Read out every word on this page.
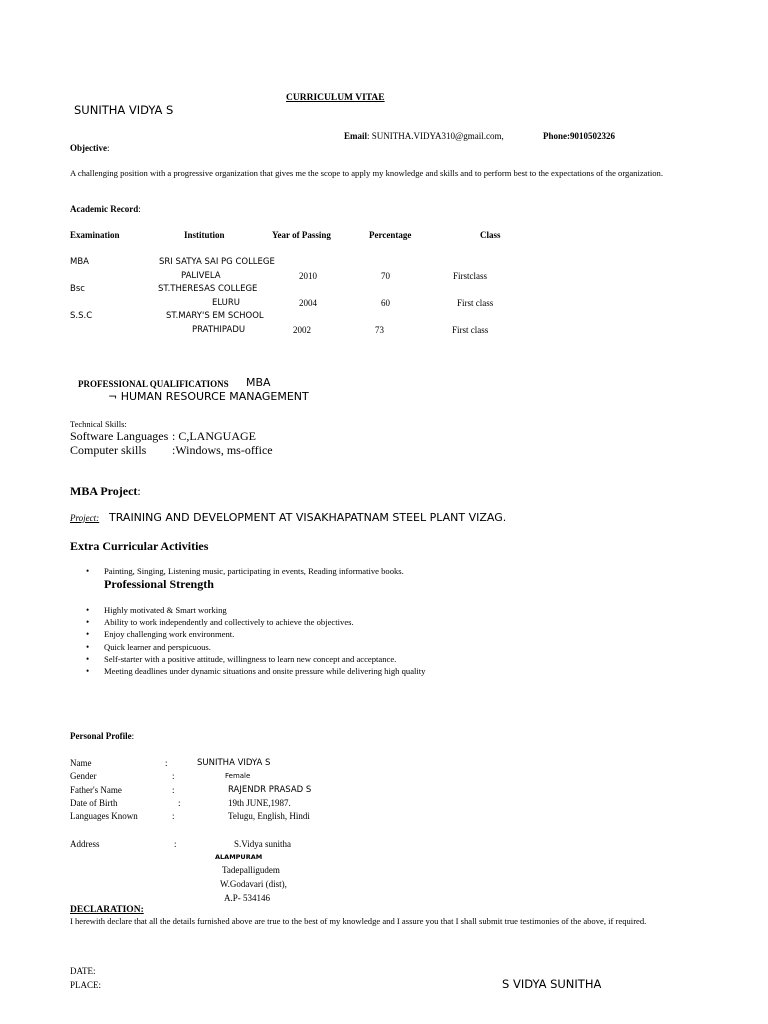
CURRICULUM VITAE
SUNITHA VIDYA S
Email: SUNITHA.VIDYA310@gmail.com,	Phone:9010502326
Objective:
A challenging position with a progressive organization that gives me the scope to apply my knowledge and skills and to perform best to the expectations of the organization.
Academic Record:
Examination	Institution	Year of Passing	Percentage	Class
MBA	SRI SATYA SAI PG COLLEGE
PALIVELA	2010	70	Firstclass
Bsc	ST.THERESAS COLLEGE
ELURU	2004	60	First class
S.S.C	ST.MARY'S EM SCHOOL
PRATHIPADU	2002	73	First class
PROFESSIONAL QUALIFICATIONS MBA
¬ HUMAN RESOURCE MANAGEMENT
Technical Skills:
Software Languages : C,LANGUAGE
Computer skills :Windows, ms-office
MBA Project:
Project: TRAINING AND DEVELOPMENT AT VISAKHAPATNAM STEEL PLANT VIZAG.
Extra Curricular Activities
• Painting, Singing, Listening music, participating in events, Reading informative books.
Professional Strength
• Highly motivated & Smart working
• Ability to work independently and collectively to achieve the objectives.
• Enjoy challenging work environment.
• Quick learner and perspicuous.
• Self-starter with a positive attitude, willingness to learn new concept and acceptance.
• Meeting deadlines under dynamic situations and onsite pressure while delivering high quality
Personal Profile:
Name	:	SUNITHA VIDYA S
Gender	:	Female
Father's Name	:	RAJENDR PRASAD S
Date of Birth	:	19th JUNE,1987.
Languages Known	:	Telugu, English, Hindi
Address	:	S.Vidya sunitha
ALAMPURAM
Tadepalligudem
W.Godavari (dist),
A.P- 534146
DECLARATION:
I herewith declare that all the details furnished above are true to the best of my knowledge and I assure you that I shall submit true testimonies of the above, if required.
DATE:
PLACE:	S VIDYA SUNITHA
